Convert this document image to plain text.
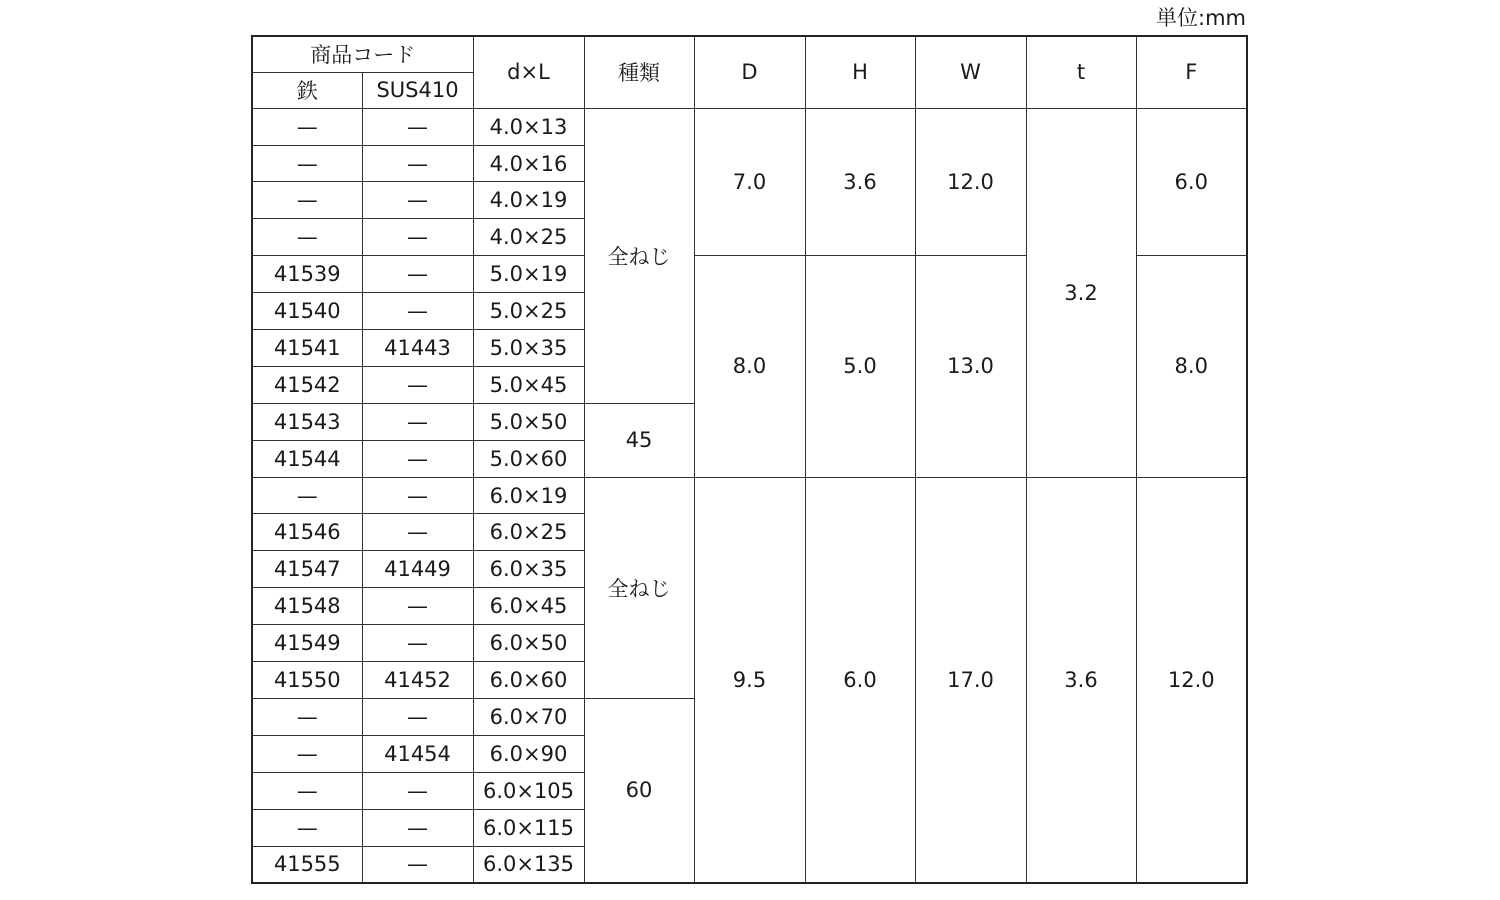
単位:mm
商品コード		d×L	種類	D	H	W	t	F
鉄	SUS410							
—	—	4.0×13	全ねじ	7.0	3.6	12.0	3.2	6.0
—	—	4.0×16						
—	—	4.0×19						
—	—	4.0×25						
41539	—	5.0×19		8.0	5.0	13.0		8.0
41540	—	5.0×25						
41541	41443	5.0×35						
41542	—	5.0×45						
41543	—	5.0×50	45					
41544	—	5.0×60						
—	—	6.0×19	全ねじ	9.5	6.0	17.0	3.6	12.0
41546	—	6.0×25						
41547	41449	6.0×35						
41548	—	6.0×45						
41549	—	6.0×50						
41550	41452	6.0×60						
—	—	6.0×70	60					
—	41454	6.0×90						
—	—	6.0×105						
—	—	6.0×115						
41555	—	6.0×135						
